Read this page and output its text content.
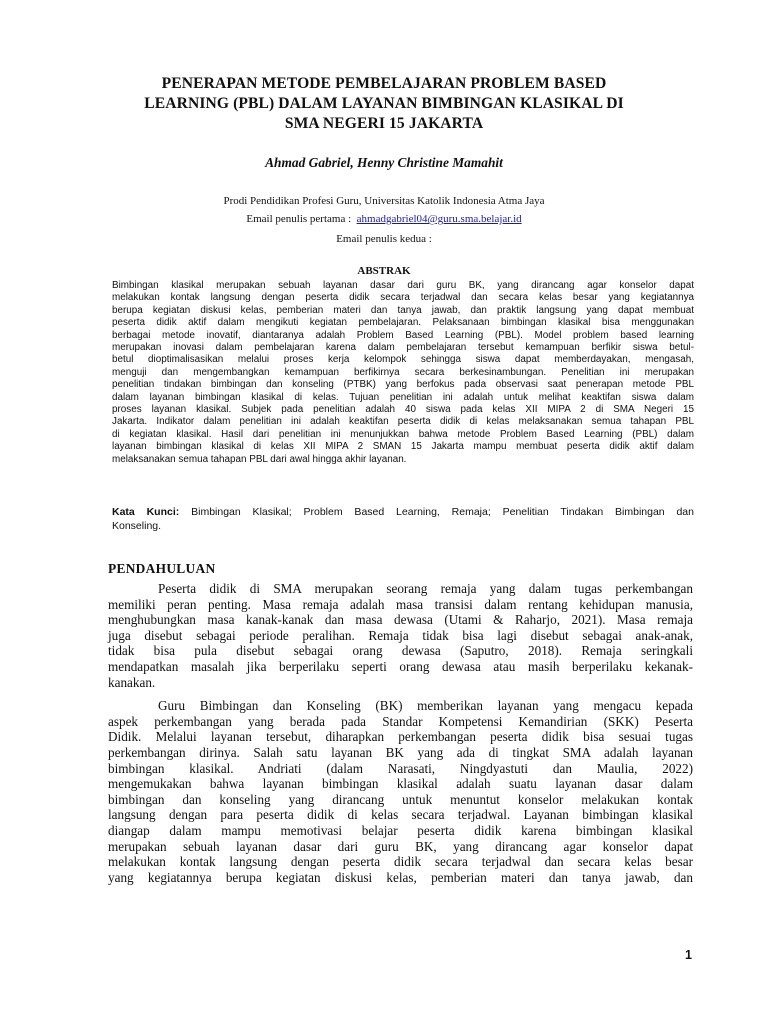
PENERAPAN METODE PEMBELAJARAN PROBLEM BASED
LEARNING (PBL) DALAM LAYANAN BIMBINGAN KLASIKAL DI
SMA NEGERI 15 JAKARTA
Ahmad Gabriel, Henny Christine Mamahit
Prodi Pendidikan Profesi Guru, Universitas Katolik Indonesia Atma Jaya
Email penulis pertama : ahmadgabriel04@guru.sma.belajar.id
Email penulis kedua :
ABSTRAK
Bimbingan klasikal merupakan sebuah layanan dasar dari guru BK, yang dirancang agar konselor dapat
melakukan kontak langsung dengan peserta didik secara terjadwal dan secara kelas besar yang kegiatannya
berupa kegiatan diskusi kelas, pemberian materi dan tanya jawab, dan praktik langsung yang dapat membuat
peserta didik aktif dalam mengikuti kegiatan pembelajaran. Pelaksanaan bimbingan klasikal bisa menggunakan
berbagai metode inovatif, diantaranya adalah Problem Based Learning (PBL). Model problem based learning
merupakan inovasi dalam pembelajaran karena dalam pembelajaran tersebut kemampuan berfikir siswa betul-
betul dioptimalisasikan melalui proses kerja kelompok sehingga siswa dapat memberdayakan, mengasah,
menguji dan mengembangkan kemampuan berfikirnya secara berkesinambungan. Penelitian ini merupakan
penelitian tindakan bimbingan dan konseling (PTBK) yang berfokus pada observasi saat penerapan metode PBL
dalam layanan bimbingan klasikal di kelas. Tujuan penelitian ini adalah untuk melihat keaktifan siswa dalam
proses layanan klasikal. Subjek pada penelitian adalah 40 siswa pada kelas XII MIPA 2 di SMA Negeri 15
Jakarta. Indikator dalam penelitian ini adalah keaktifan peserta didik di kelas melaksanakan semua tahapan PBL
di kegiatan klasikal. Hasil dari penelitian ini menunjukkan bahwa metode Problem Based Learning (PBL) dalam
layanan bimbingan klasikal di kelas XII MIPA 2 SMAN 15 Jakarta mampu membuat peserta didik aktif dalam
melaksanakan semua tahapan PBL dari awal hingga akhir layanan.
Kata Kunci: Bimbingan Klasikal; Problem Based Learning, Remaja; Penelitian Tindakan Bimbingan dan
Konseling.
PENDAHULUAN
Peserta didik di SMA merupakan seorang remaja yang dalam tugas perkembangan
memiliki peran penting. Masa remaja adalah masa transisi dalam rentang kehidupan manusia,
menghubungkan masa kanak-kanak dan masa dewasa (Utami & Raharjo, 2021). Masa remaja
juga disebut sebagai periode peralihan. Remaja tidak bisa lagi disebut sebagai anak-anak,
tidak bisa pula disebut sebagai orang dewasa (Saputro, 2018). Remaja seringkali
mendapatkan masalah jika berperilaku seperti orang dewasa atau masih berperilaku kekanak-
kanakan.
Guru Bimbingan dan Konseling (BK) memberikan layanan yang mengacu kepada
aspek perkembangan yang berada pada Standar Kompetensi Kemandirian (SKK) Peserta
Didik. Melalui layanan tersebut, diharapkan perkembangan peserta didik bisa sesuai tugas
perkembangan dirinya. Salah satu layanan BK yang ada di tingkat SMA adalah layanan
bimbingan klasikal. Andriati (dalam Narasati, Ningdyastuti dan Maulia, 2022)
mengemukakan bahwa layanan bimbingan klasikal adalah suatu layanan dasar dalam
bimbingan dan konseling yang dirancang untuk menuntut konselor melakukan kontak
langsung dengan para peserta didik di kelas secara terjadwal. Layanan bimbingan klasikal
diangap dalam mampu memotivasi belajar peserta didik karena bimbingan klasikal
merupakan sebuah layanan dasar dari guru BK, yang dirancang agar konselor dapat
melakukan kontak langsung dengan peserta didik secara terjadwal dan secara kelas besar
yang kegiatannya berupa kegiatan diskusi kelas, pemberian materi dan tanya jawab, dan
1
